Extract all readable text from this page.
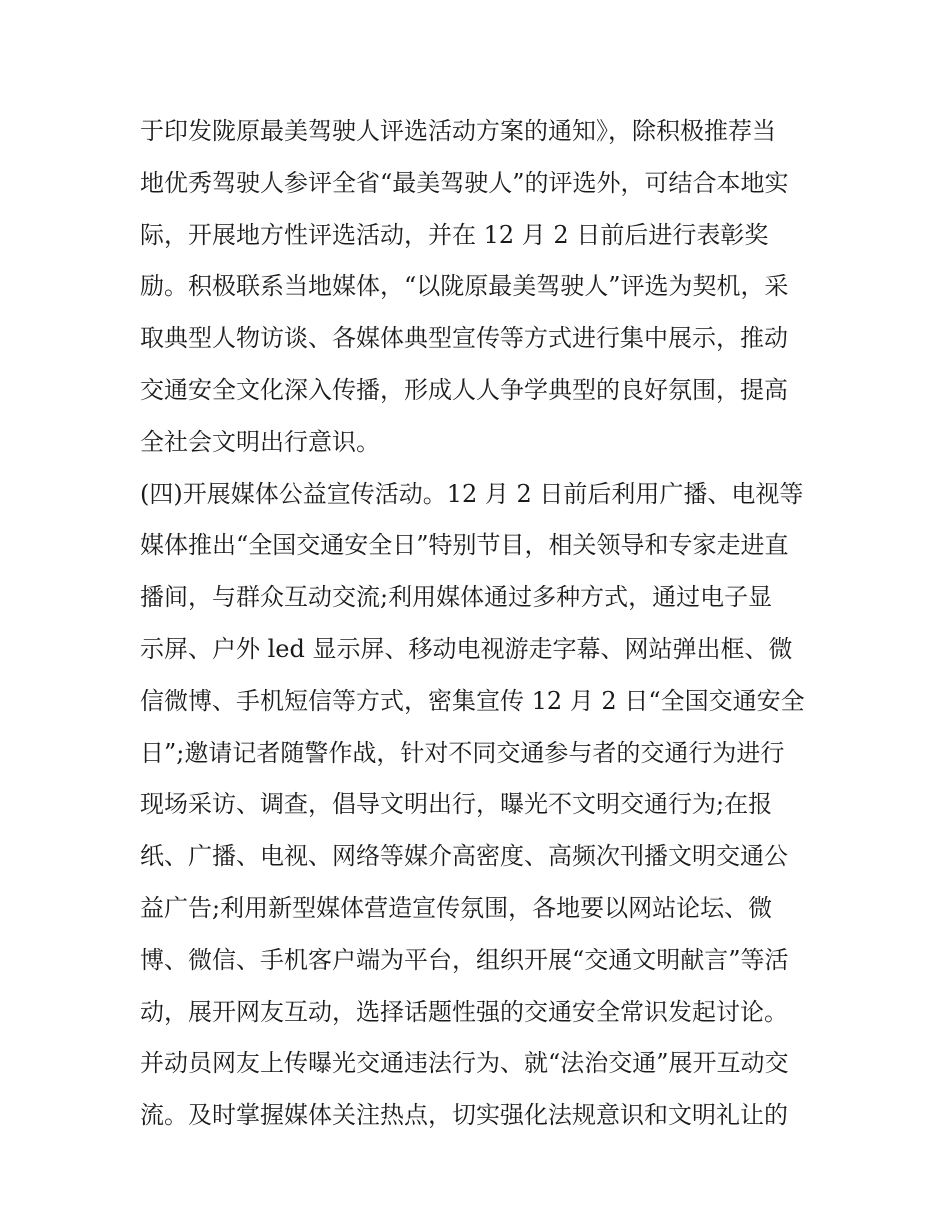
于印发陇原最美驾驶人评选活动方案的通知》，除积极推荐当
地优秀驾驶人参评全省“最美驾驶人”的评选外，可结合本地实
际，开展地方性评选活动，并在 12 月 2 日前后进行表彰奖
励。积极联系当地媒体，“以陇原最美驾驶人”评选为契机，采
取典型人物访谈、各媒体典型宣传等方式进行集中展示，推动
交通安全文化深入传播，形成人人争学典型的良好氛围，提高
全社会文明出行意识。
(四)开展媒体公益宣传活动。12 月 2 日前后利用广播、电视等
媒体推出“全国交通安全日”特别节目，相关领导和专家走进直
播间，与群众互动交流;利用媒体通过多种方式，通过电子显
示屏、户外 led 显示屏、移动电视游走字幕、网站弹出框、微
信微博、手机短信等方式，密集宣传 12 月 2 日“全国交通安全
日”;邀请记者随警作战，针对不同交通参与者的交通行为进行
现场采访、调查，倡导文明出行，曝光不文明交通行为;在报
纸、广播、电视、网络等媒介高密度、高频次刊播文明交通公
益广告;利用新型媒体营造宣传氛围，各地要以网站论坛、微
博、微信、手机客户端为平台，组织开展“交通文明献言”等活
动，展开网友互动，选择话题性强的交通安全常识发起讨论。
并动员网友上传曝光交通违法行为、就“法治交通”展开互动交
流。及时掌握媒体关注热点，切实强化法规意识和文明礼让的
